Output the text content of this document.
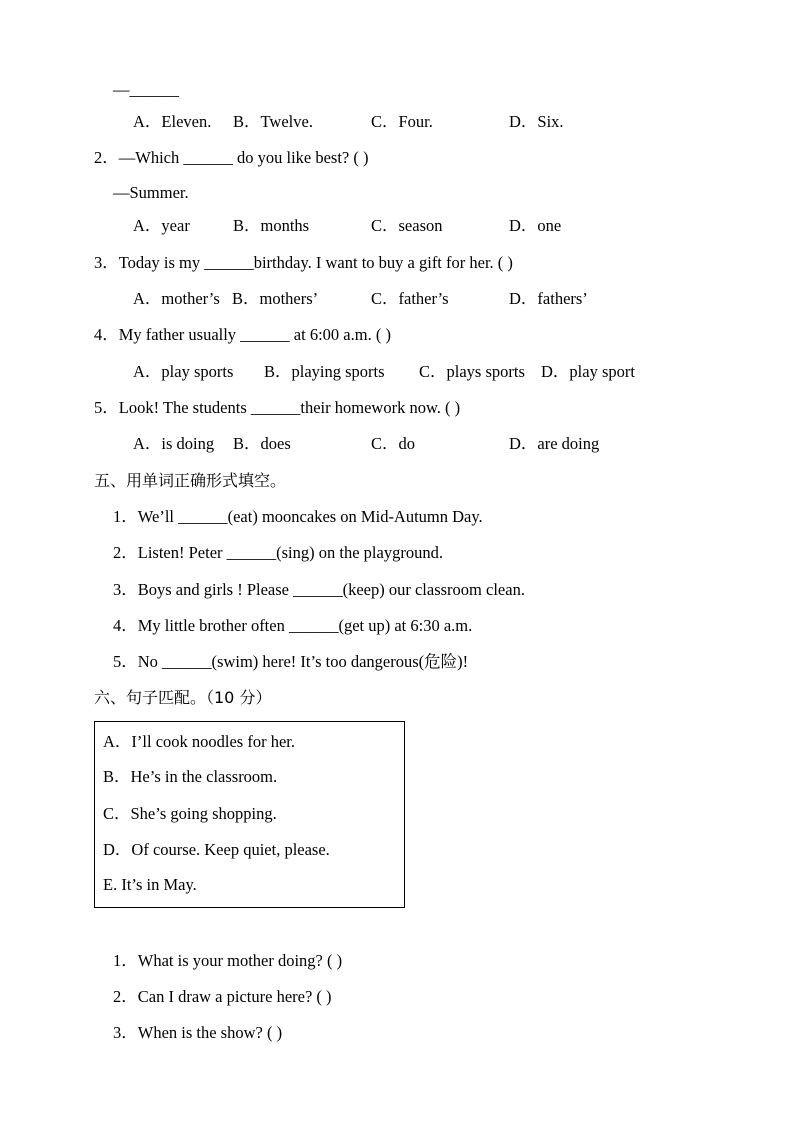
—______
A．Eleven. B．Twelve.	C．Four.	D．Six.
2．—Which ______ do you like best? ( )
—Summer.
A．year	B．months	C．season	D．one
3．Today is my ______birthday. I want to buy a gift for her. ( )
A．mother’s B．mothers’	C．father’s	D．fathers’
4．My father usually ______ at 6:00 a.m. ( )
A．play sports B．playing sports C．plays sports D．play sport
5．Look! The students ______their homework now. ( )
A．is doing B．does	C．do	D．are doing
五、用单词正确形式填空。
1．We’ll ______(eat) mooncakes on Mid-Autumn Day.
2．Listen! Peter ______(sing) on the playground.
3．Boys and girls ! Please ______(keep) our classroom clean.
4．My little brother often ______(get up) at 6:30 a.m.
5．No ______(swim) here! It’s too dangerous(危险)!
六、句子匹配。（10 分）
A．I’ll cook noodles for her.
B．He’s in the classroom.
C．She’s going shopping.
D．Of course. Keep quiet, please.
E. It’s in May.
1．What is your mother doing? ( )
2．Can I draw a picture here? ( )
3．When is the show? ( )
